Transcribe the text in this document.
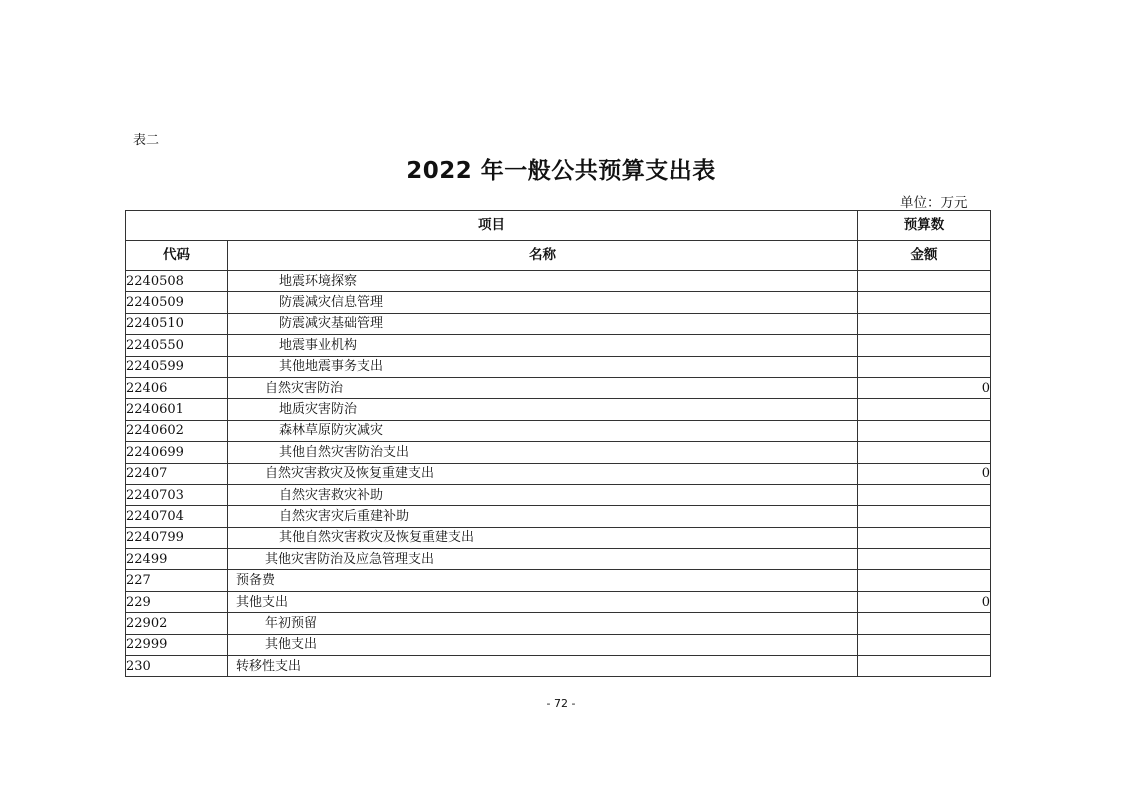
表二
2022 年一般公共预算支出表
单位：万元
项目		预算数
代码	名称	金额
2240508	地震环境探察	
2240509	防震减灾信息管理	
2240510	防震减灾基础管理	
2240550	地震事业机构	
2240599	其他地震事务支出	
22406	自然灾害防治	0
2240601	地质灾害防治	
2240602	森林草原防灾减灾	
2240699	其他自然灾害防治支出	
22407	自然灾害救灾及恢复重建支出	0
2240703	自然灾害救灾补助	
2240704	自然灾害灾后重建补助	
2240799	其他自然灾害救灾及恢复重建支出	
22499	其他灾害防治及应急管理支出	
227	预备费	
229	其他支出	0
22902	年初预留	
22999	其他支出	
230	转移性支出	
- 72 -
